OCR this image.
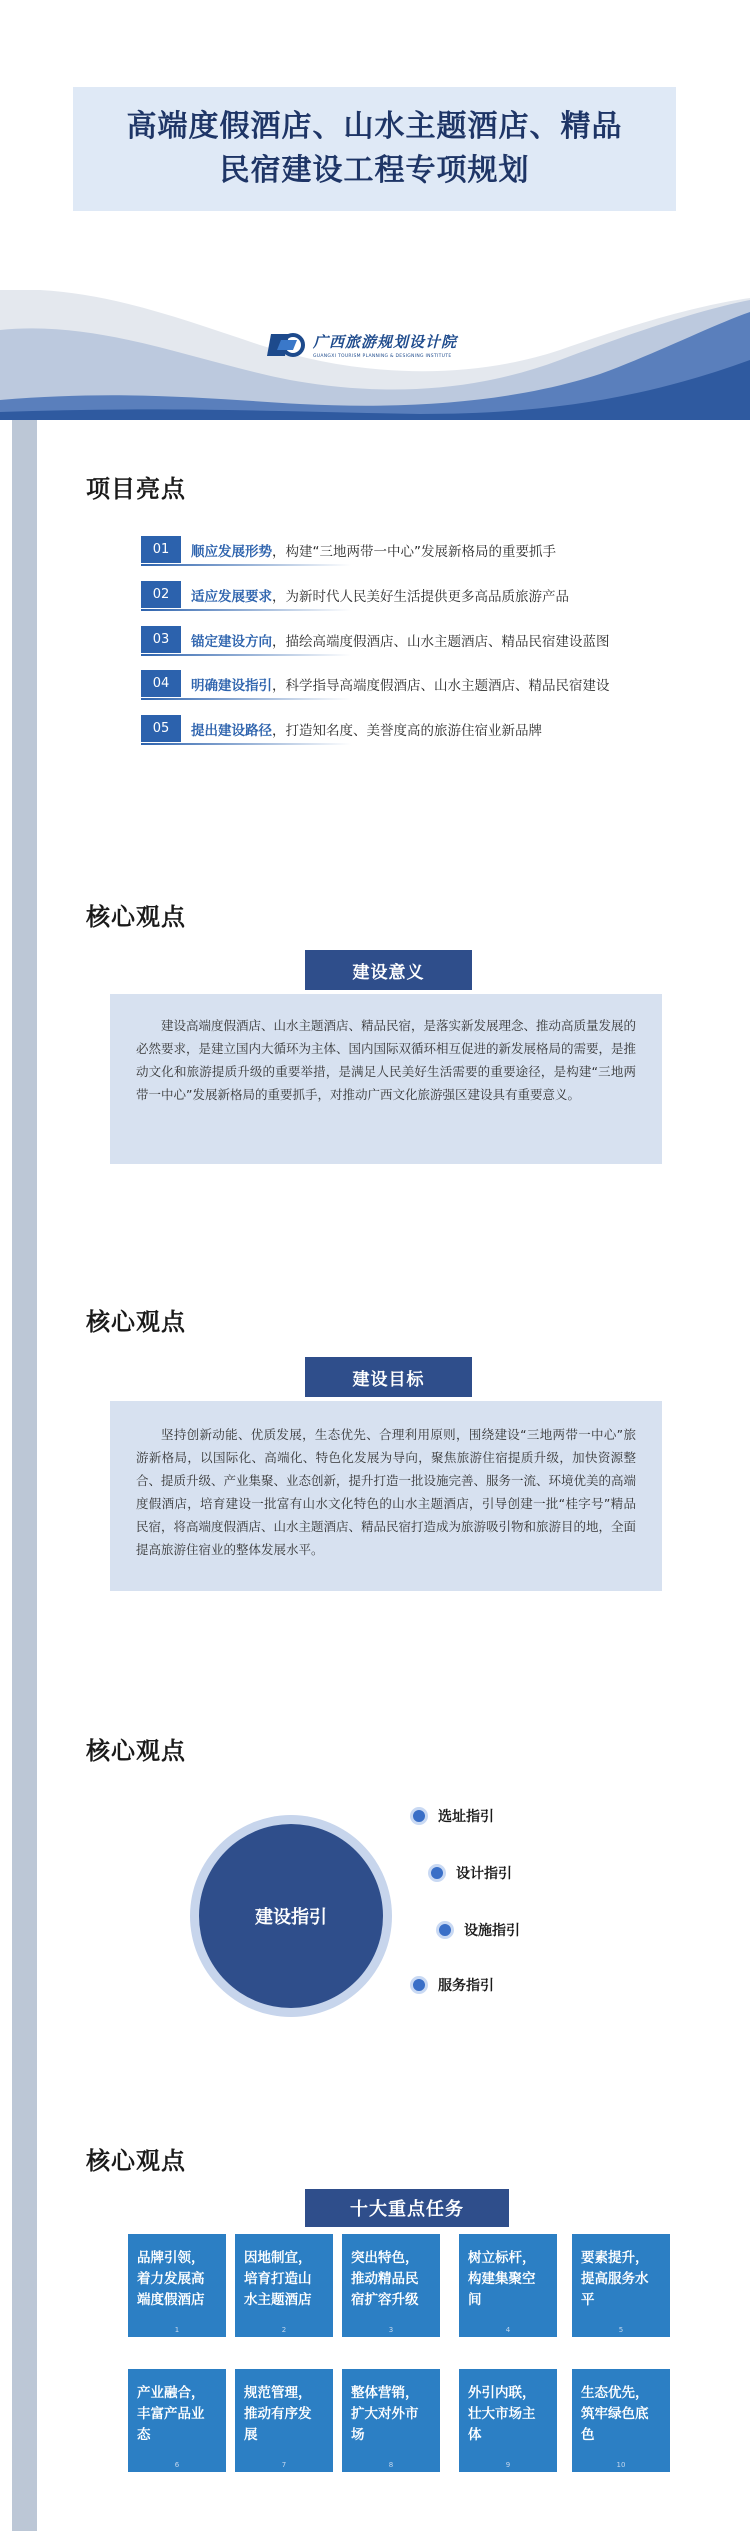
高端度假酒店、山水主题酒店、精品
民宿建设工程专项规划
广西旅游规划设计院
GUANGXI TOURISM PLANNING & DESIGNING INSTITUTE
项目亮点
01	顺应发展形势，构建“三地两带一中心”发展新格局的重要抓手
02	适应发展要求，为新时代人民美好生活提供更多高品质旅游产品
03	锚定建设方向，描绘高端度假酒店、山水主题酒店、精品民宿建设蓝图
04	明确建设指引，科学指导高端度假酒店、山水主题酒店、精品民宿建设
05	提出建设路径，打造知名度、美誉度高的旅游住宿业新品牌
核心观点
建设意义
建设高端度假酒店、山水主题酒店、精品民宿，是落实新发展理念、推动高质量发展的必然要求，是建立国内大循环为主体、国内国际双循环相互促进的新发展格局的需要，是推动文化和旅游提质升级的重要举措，是满足人民美好生活需要的重要途径，是构建“三地两带一中心”发展新格局的重要抓手，对推动广西文化旅游强区建设具有重要意义。
核心观点
建设目标
坚持创新动能、优质发展，生态优先、合理利用原则，围绕建设“三地两带一中心”旅游新格局，以国际化、高端化、特色化发展为导向，聚焦旅游住宿提质升级，加快资源整合、提质升级、产业集聚、业态创新，提升打造一批设施完善、服务一流、环境优美的高端度假酒店，培育建设一批富有山水文化特色的山水主题酒店，引导创建一批“桂字号”精品民宿，将高端度假酒店、山水主题酒店、精品民宿打造成为旅游吸引物和旅游目的地，全面提高旅游住宿业的整体发展水平。
核心观点
建设指引
选址指引
设计指引
设施指引
服务指引
核心观点
十大重点任务
品牌引领，着力发展高端度假酒店
1
因地制宜，培育打造山水主题酒店
2
突出特色，推动精品民宿扩容升级
3
树立标杆，构建集聚空间
4
要素提升，提高服务水平
5
产业融合，丰富产品业态
6
规范管理，推动有序发展
7
整体营销，扩大对外市场
8
外引内联，壮大市场主体
9
生态优先，筑牢绿色底色
10
